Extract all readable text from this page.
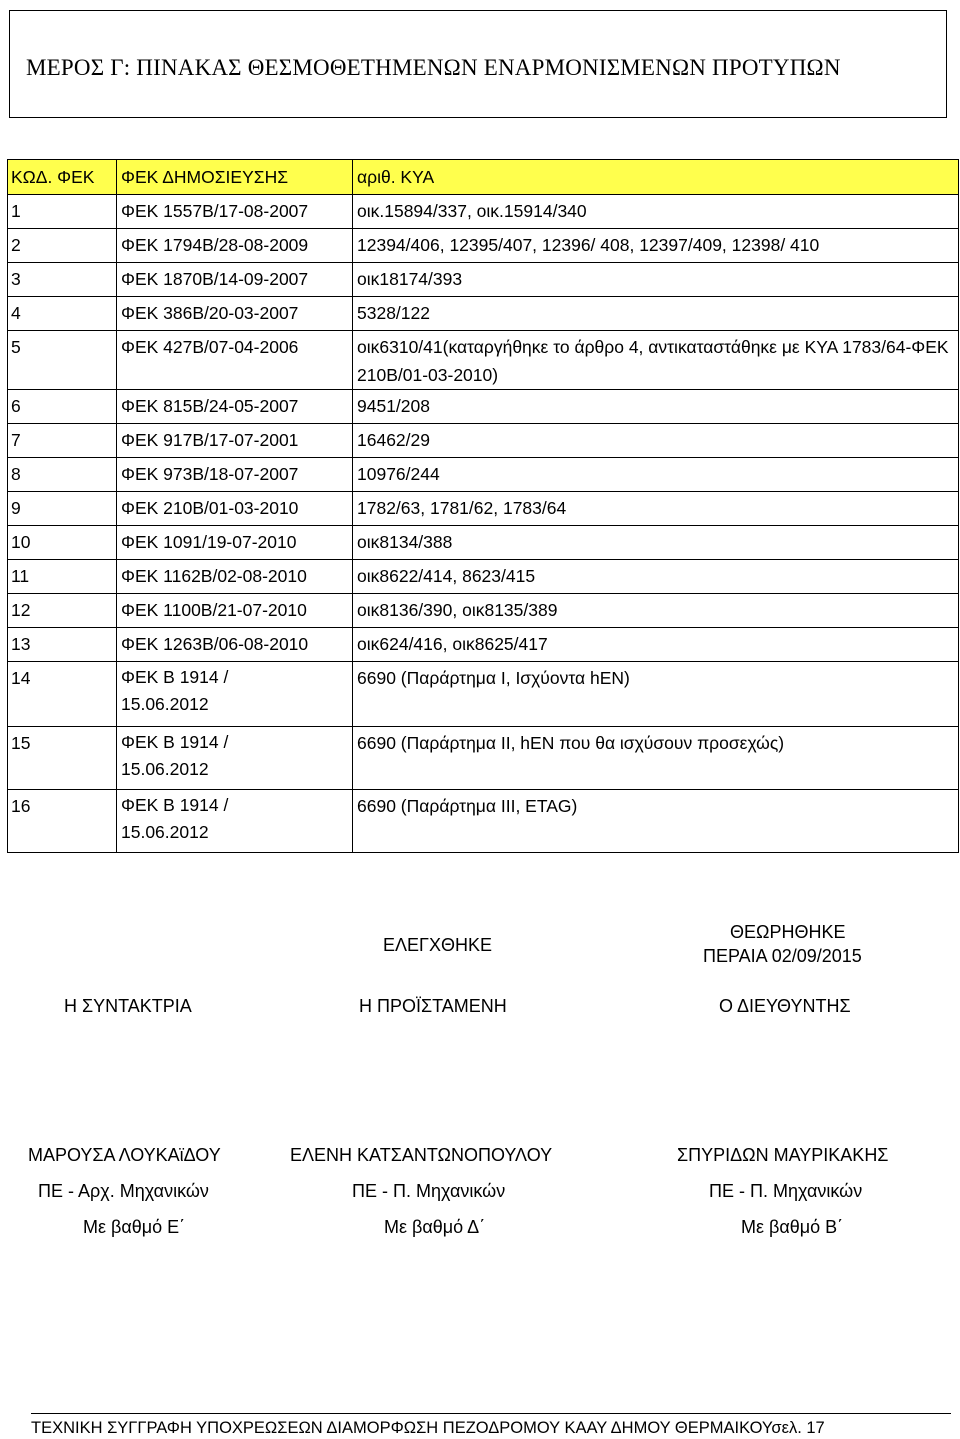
ΜΕΡΟΣ Γ: ΠΙΝΑΚΑΣ ΘΕΣΜΟΘΕΤΗΜΕΝΩΝ ΕΝΑΡΜΟΝΙΣΜΕΝΩΝ ΠΡΟΤΥΠΩΝ
ΚΩΔ. ΦΕΚ	ΦΕΚ ΔΗΜΟΣΙΕΥΣΗΣ	αριθ. ΚΥΑ
1	ΦΕΚ 1557Β/17-08-2007	οικ.15894/337, οικ.15914/340
2	ΦΕΚ 1794Β/28-08-2009	12394/406, 12395/407, 12396/ 408, 12397/409, 12398/ 410
3	ΦΕΚ 1870Β/14-09-2007	οικ18174/393
4	ΦΕΚ 386Β/20-03-2007	5328/122
5	ΦΕΚ 427Β/07-04-2006	οικ6310/41(καταργήθηκε το άρθρο 4, αντικαταστάθηκε με ΚΥΑ 1783/64-ΦΕΚ 210Β/01-03-2010)
6	ΦΕΚ 815Β/24-05-2007	9451/208
7	ΦΕΚ 917Β/17-07-2001	16462/29
8	ΦΕΚ 973Β/18-07-2007	10976/244
9	ΦΕΚ 210Β/01-03-2010	1782/63, 1781/62, 1783/64
10	ΦΕΚ 1091/19-07-2010	οικ8134/388
11	ΦΕΚ 1162Β/02-08-2010	οικ8622/414, 8623/415
12	ΦΕΚ 1100Β/21-07-2010	οικ8136/390, οικ8135/389
13	ΦΕΚ 1263Β/06-08-2010	οικ624/416, οικ8625/417
14	ΦΕΚ Β 1914 / 15.06.2012	6690 (Παράρτημα Ι, Ισχύοντα hEN)
15	ΦΕΚ Β 1914 / 15.06.2012	6690 (Παράρτημα ΙΙ, hEN που θα ισχύσουν προσεχώς)
16	ΦΕΚ Β 1914 / 15.06.2012	6690 (Παράρτημα ΙΙΙ, ETAG)
ΕΛΕΓΧΘΗΚΕ
ΘΕΩΡΗΘΗΚΕ
ΠΕΡΑΙΑ 02/09/2015
Η ΣΥΝΤΑΚΤΡΙΑ	Η ΠΡΟΪΣΤΑΜΕΝΗ	Ο ΔΙΕΥΘΥΝΤΗΣ
ΜΑΡΟΥΣΑ ΛΟΥΚΑϊΔΟΥ	ΕΛΕΝΗ ΚΑΤΣΑΝΤΩΝΟΠΟΥΛΟΥ	ΣΠΥΡΙΔΩΝ ΜΑΥΡΙΚΑΚΗΣ
ΠΕ - Αρχ. Μηχανικών	ΠΕ - Π. Μηχανικών	ΠΕ - Π. Μηχανικών
Με βαθμό Ε΄	Με βαθμό Δ΄	Με βαθμό Β΄
ΤΕΧΝΙΚΗ ΣΥΓΓΡΑΦΗ ΥΠΟΧΡΕΩΣΕΩΝ ΔΙΑΜΟΡΦΩΣΗ ΠΕΖΟΔΡΟΜΟΥ ΚΑΑΥ ΔΗΜΟΥ ΘΕΡΜΑΙΚΟΥσελ. 17
